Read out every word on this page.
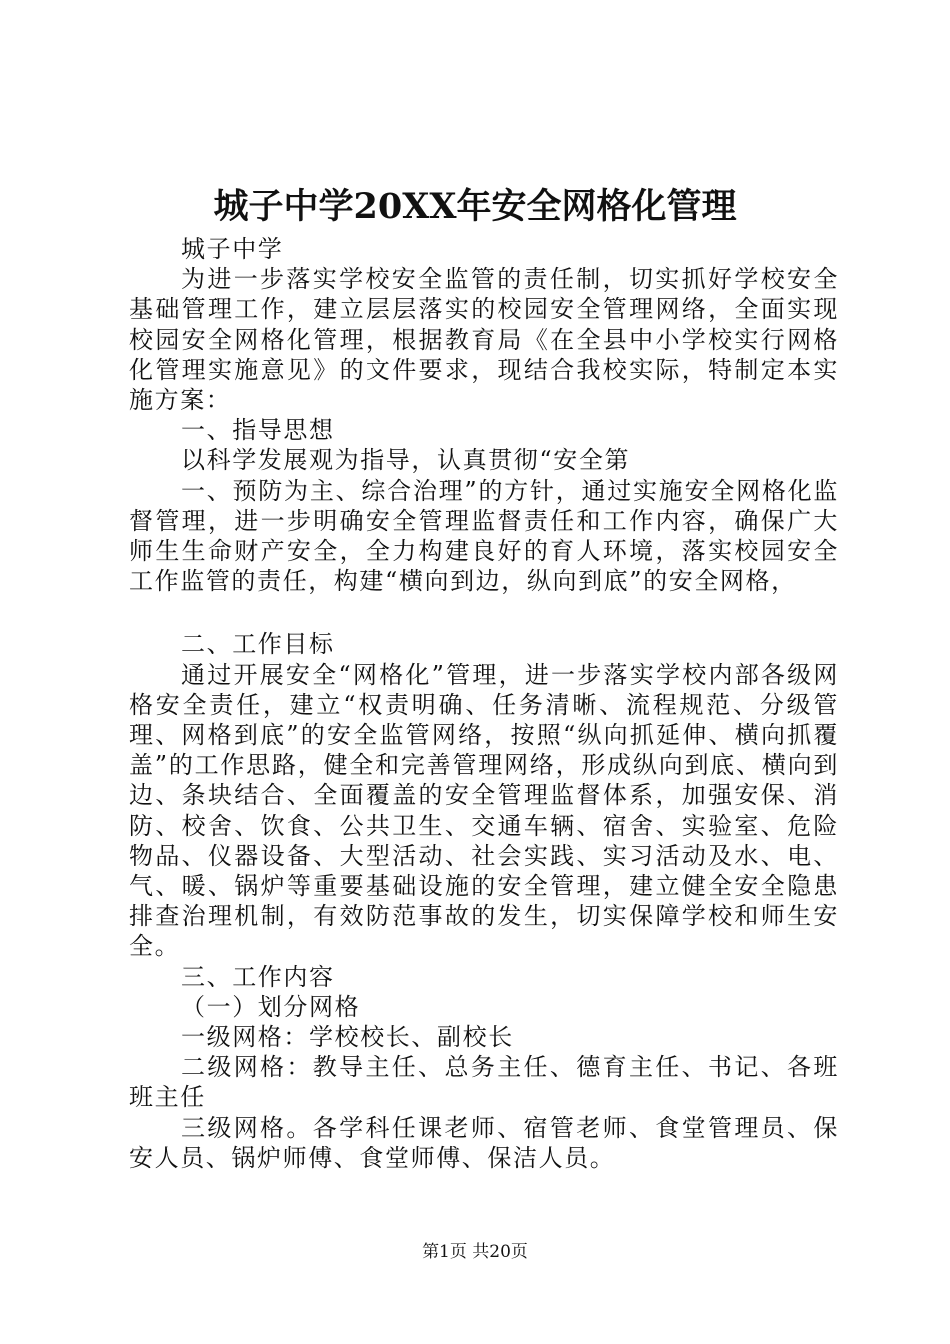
城子中学20XX年安全网格化管理

城子中学

为进一步落实学校安全监管的责任制，切实抓好学校安全基础管理工作，建立层层落实的校园安全管理网络，全面实现校园安全网格化管理，根据教育局《在全县中小学校实行网格化管理实施意见》的文件要求，现结合我校实际，特制定本实施方案：

一、指导思想

以科学发展观为指导，认真贯彻“安全第

一、预防为主、综合治理”的方针，通过实施安全网格化监督管理，进一步明确安全管理监督责任和工作内容，确保广大师生生命财产安全，全力构建良好的育人环境，落实校园安全工作监管的责任，构建“横向到边，纵向到底”的安全网格，

二、工作目标

通过开展安全“网格化”管理，进一步落实学校内部各级网格安全责任，建立“权责明确、任务清晰、流程规范、分级管理、网格到底”的安全监管网络，按照“纵向抓延伸、横向抓覆盖”的工作思路，健全和完善管理网络，形成纵向到底、横向到边、条块结合、全面覆盖的安全管理监督体系，加强安保、消防、校舍、饮食、公共卫生、交通车辆、宿舍、实验室、危险物品、仪器设备、大型活动、社会实践、实习活动及水、电、气、暖、锅炉等重要基础设施的安全管理，建立健全安全隐患排查治理机制，有效防范事故的发生，切实保障学校和师生安全。

三、工作内容

（一）划分网格

一级网格：学校校长、副校长

二级网格：教导主任、总务主任、德育主任、书记、各班班主任

三级网格。各学科任课老师、宿管老师、食堂管理员、保安人员、锅炉师傅、食堂师傅、保洁人员。

第1页 共20页
